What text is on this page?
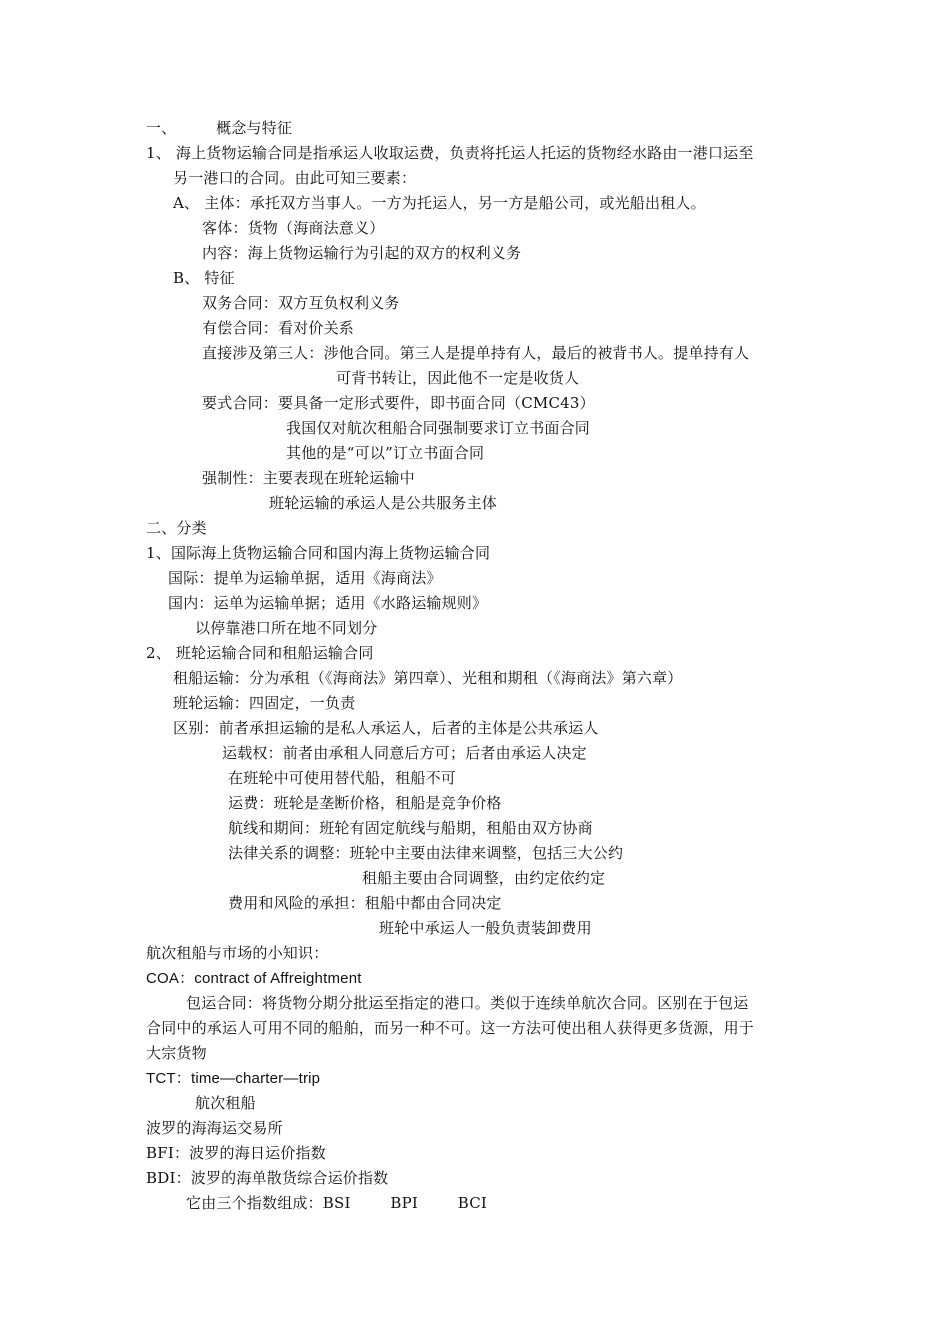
一、        概念与特征
1、 海上货物运输合同是指承运人收取运费，负责将托运人托运的货物经水路由一港口运至
另一港口的合同。由此可知三要素：
A、 主体：承托双方当事人。一方为托运人，另一方是船公司，或光船出租人。
客体：货物（海商法意义）
内容：海上货物运输行为引起的双方的权利义务
B、 特征
双务合同：双方互负权利义务
有偿合同：看对价关系
直接涉及第三人：涉他合同。第三人是提单持有人，最后的被背书人。提单持有人
可背书转让，因此他不一定是收货人
要式合同：要具备一定形式要件，即书面合同（CMC43）
我国仅对航次租船合同强制要求订立书面合同
其他的是“可以”订立书面合同
强制性：主要表现在班轮运输中
班轮运输的承运人是公共服务主体
二、分类
1、国际海上货物运输合同和国内海上货物运输合同
国际：提单为运输单据，适用《海商法》
国内：运单为运输单据；适用《水路运输规则》
以停靠港口所在地不同划分
2、 班轮运输合同和租船运输合同
租船运输：分为承租（《海商法》第四章）、光租和期租（《海商法》第六章）
班轮运输：四固定，一负责
区别：前者承担运输的是私人承运人，后者的主体是公共承运人
运载权：前者由承租人同意后方可；后者由承运人决定
在班轮中可使用替代船，租船不可
运费：班轮是垄断价格，租船是竞争价格
航线和期间：班轮有固定航线与船期，租船由双方协商
法律关系的调整：班轮中主要由法律来调整，包括三大公约
租船主要由合同调整，由约定依约定
费用和风险的承担：租船中都由合同决定
班轮中承运人一般负责装卸费用
航次租船与市场的小知识：
COA：contract of Affreightment
包运合同：将货物分期分批运至指定的港口。类似于连续单航次合同。区别在于包运
合同中的承运人可用不同的船舶，而另一种不可。这一方法可使出租人获得更多货源，用于
大宗货物
TCT：time—charter—trip
航次租船
波罗的海海运交易所
BFI：波罗的海日运价指数
BDI：波罗的海单散货综合运价指数
它由三个指数组成：BSI        BPI        BCI
